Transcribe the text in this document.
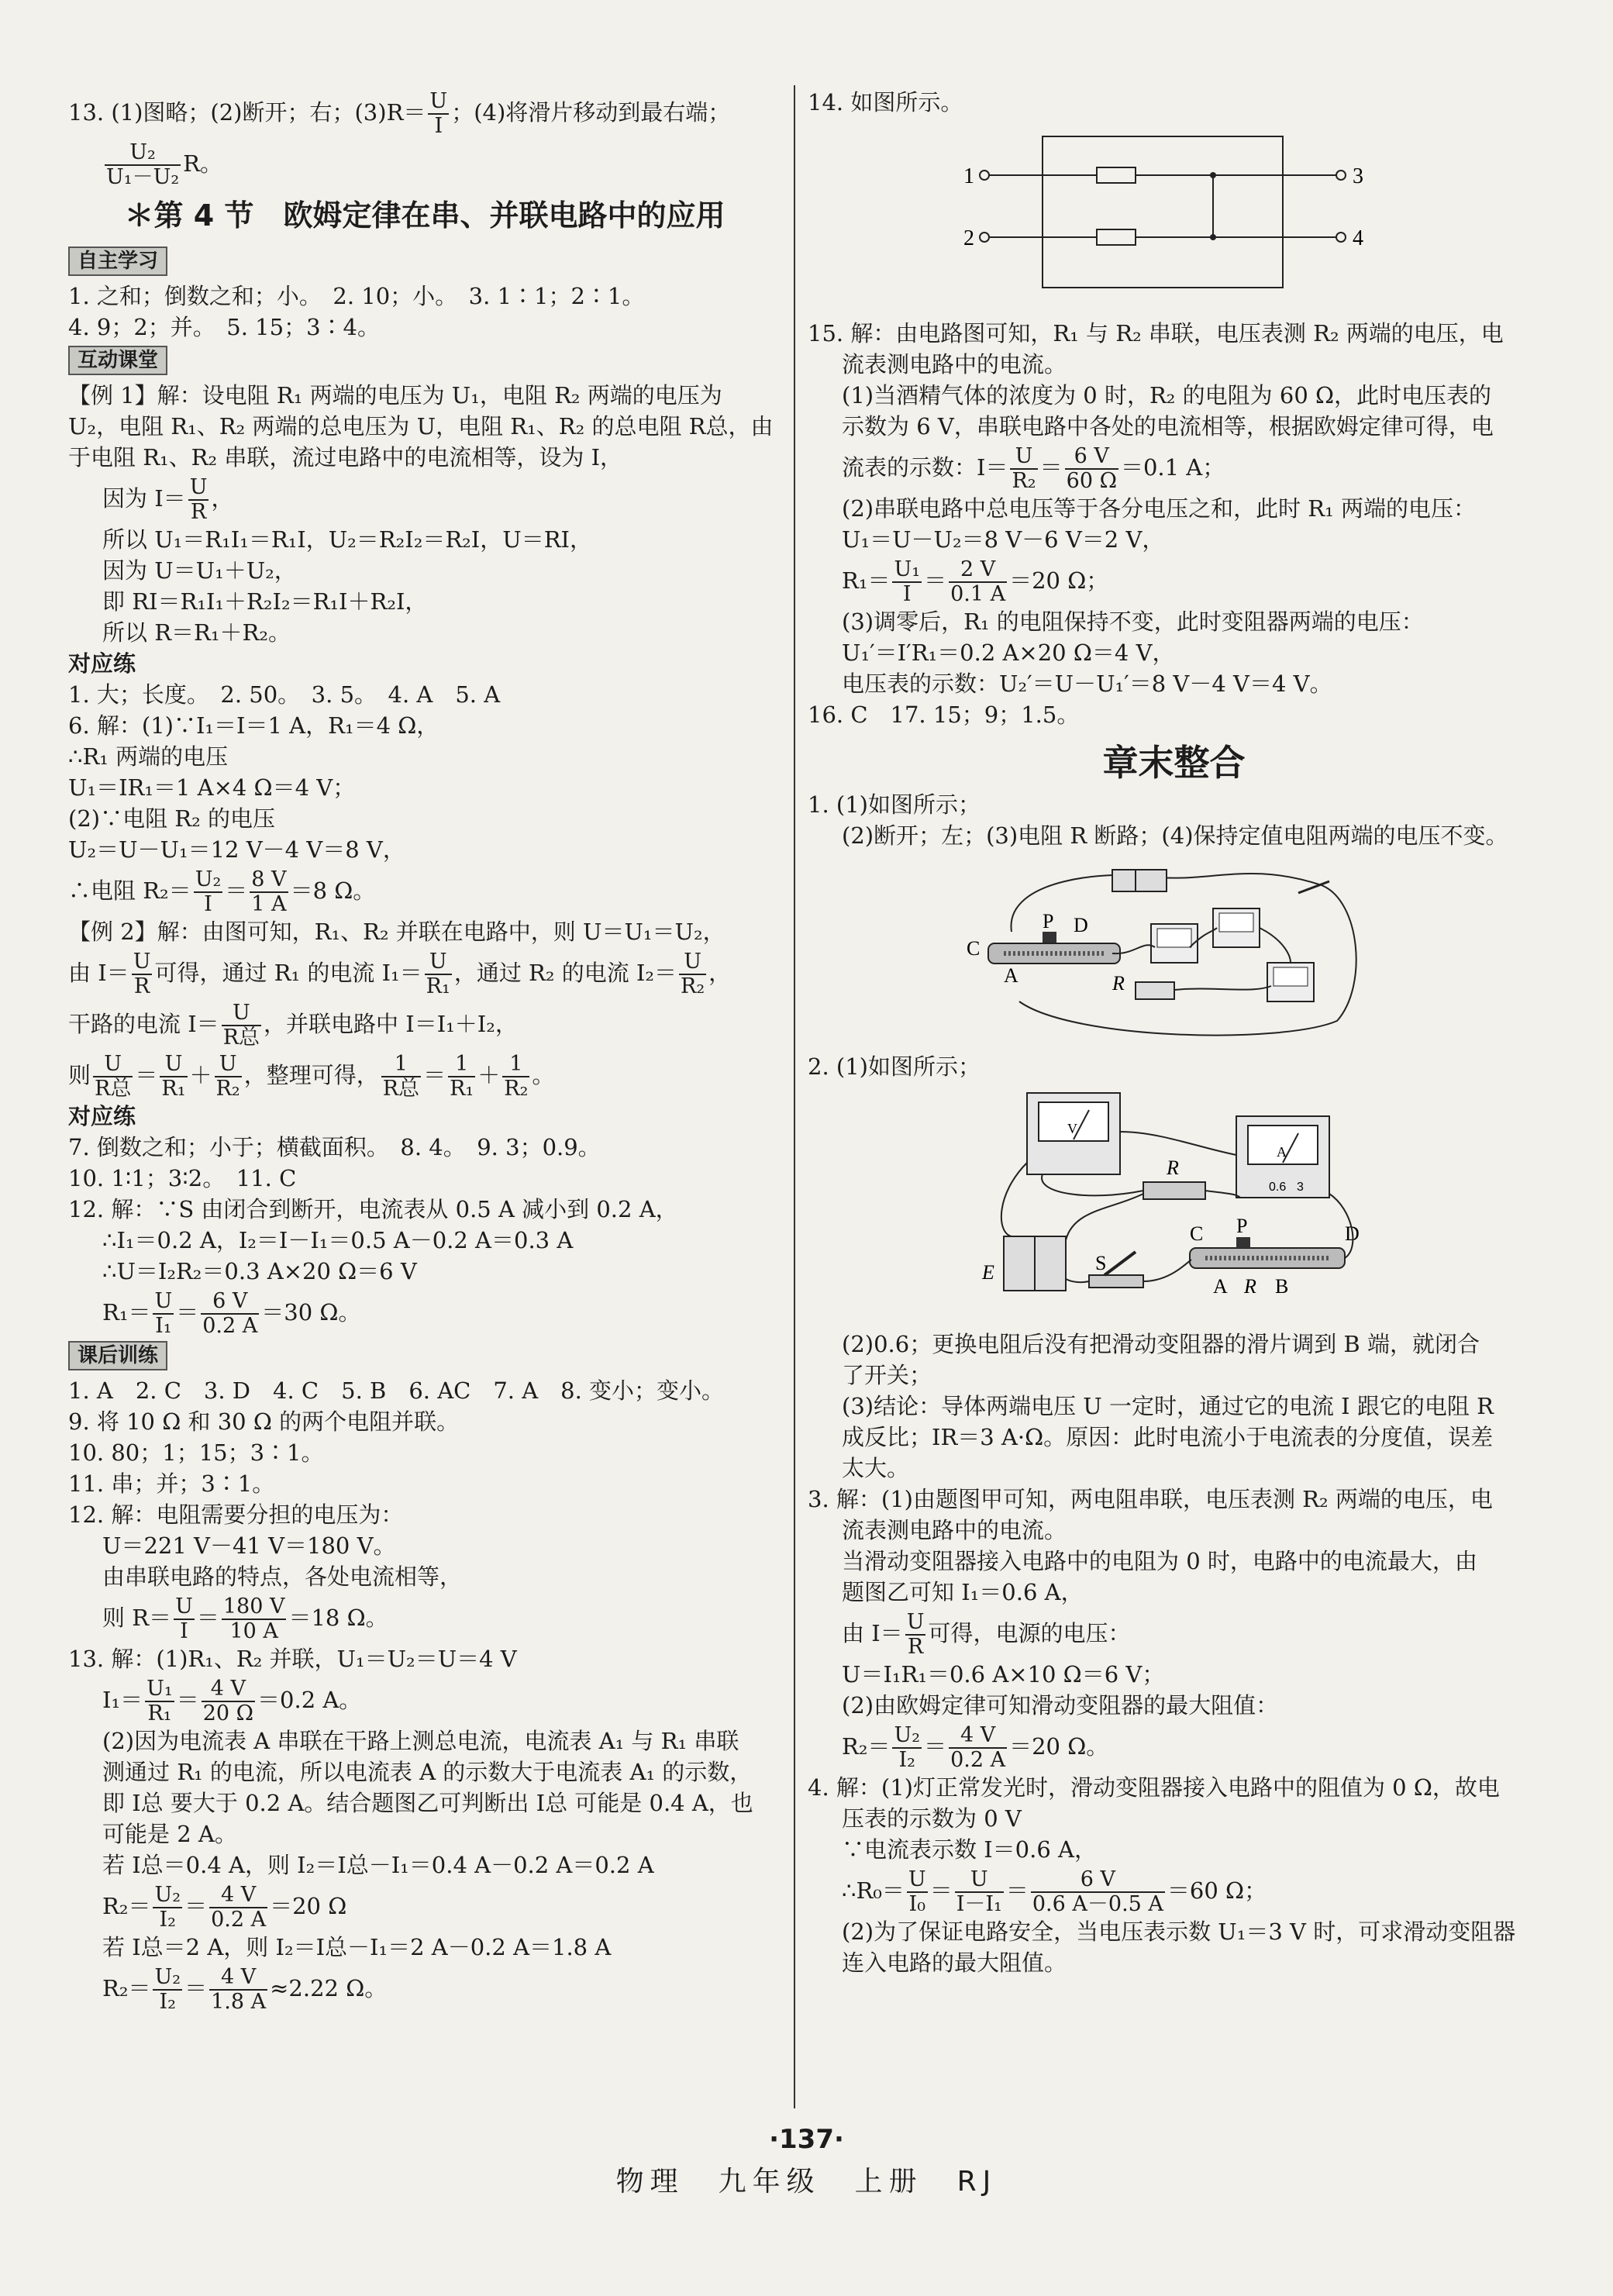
13. (1)图略；(2)断开；右；$(3)R= \frac{U}{I}$ ；(4)将滑片移动到最右端；
$\frac{\text{U₂}}{\text{U₁－U₂}}$ R。
＊第 4 节　欧姆定律在串、并联电路中的应用
自主学习
1. 之和；倒数之和；小。　2. 10；小。　3. 1∶1；2∶1。
4. 9；2；并。　5. 15；3∶4。
互动课堂
【例 1】解：设电阻 R₁ 两端的电压为 U₁，电阻 R₂ 两端的电压为
U₂，电阻 R₁、R₂ 两端的总电压为 U，电阻 R₁、R₂ 的总电阻 R总，由
于电阻 R₁、R₂ 串联，流过电路中的电流相等，设为 I，
因为 $I= \frac{U}{R}$ ，
所以 U₁＝R₁I₁＝R₁I，U₂＝R₂I₂＝R₂I，U＝RI，
因为 U＝U₁＋U₂，
即 RI＝R₁I₁＋R₂I₂＝R₁I＋R₂I，
所以 R＝R₁＋R₂。
对应练
1. 大；长度。　2. 50。　3. 5。　4. A　5. A
6. 解：(1)∵I₁＝I＝1 A，R₁＝4 Ω，
∴R₁ 两端的电压
U₁＝IR₁＝1 A×4 Ω＝4 V；
(2)∵电阻 R₂ 的电压
U₂＝U－U₁＝12 V－4 V＝8 V，
∴电阻 $R_2= \frac{\text{U₂}}{I} = \frac{8 V}{1 A} =8$ Ω。
【例 2】解：由图可知，R₁、R₂ 并联在电路中，则 U＝U₁＝U₂，
由 $I= \frac{U}{R}$ 可得，通过 R₁ 的电流 $I_1= \frac{U}{\text{R₁}}$ ，通过 R₂ 的电流 $I_2= \frac{U}{\text{R₂}}$ ，
干路的电流 $I= \frac{U}{\text{R总}}$ ，并联电路中 I＝I₁＋I₂，
则 $\frac{U}{\text{R总}} = \frac{U}{\text{R₁}} + \frac{U}{\text{R₂}}$ ，整理可得， $\frac{1}{\text{R总}} = \frac{1}{\text{R₁}} + \frac{1}{\text{R₂}}$ 。
对应练
7. 倒数之和；小于；横截面积。　8. 4。　9. 3；0.9。
10. 1∶1；3∶2。　11. C
12. 解：∵S 由闭合到断开，电流表从 0.5 A 减小到 0.2 A，
∴I₁＝0.2 A，I₂＝I－I₁＝0.5 A－0.2 A＝0.3 A
∴U＝I₂R₂＝0.3 A×20 Ω＝6 V
$R_1= \frac{U}{\text{I₁}} = \frac{6 V}{0.2 A} =30$ Ω。
课后训练
1. A　2. C　3. D　4. C　5. B　6. AC　7. A　8. 变小；变小。
9. 将 10 Ω 和 30 Ω 的两个电阻并联。
10. 80；1；15；3∶1。
11. 串；并；3∶1。
12. 解：电阻需要分担的电压为：
U＝221 V－41 V＝180 V。
由串联电路的特点，各处电流相等，
则 $R= \frac{U}{I} = \frac{180 V}{10 A} =18$ Ω。
13. 解：(1)R₁、R₂ 并联，U₁＝U₂＝U＝4 V
$I_1= \frac{\text{U₁}}{\text{R₁}} = \frac{4 V}{20 \Omega} =0.2$ A。
(2)因为电流表 A 串联在干路上测总电流，电流表 A₁ 与 R₁ 串联
测通过 R₁ 的电流，所以电流表 A 的示数大于电流表 A₁ 的示数，
即 I总 要大于 0.2 A。结合题图乙可判断出 I总 可能是 0.4 A，也
可能是 2 A。
若 I总＝0.4 A，则 I₂＝I总－I₁＝0.4 A－0.2 A＝0.2 A
$R_2= \frac{\text{U₂}}{\text{I₂}} = \frac{4 V}{0.2 A} =20$ Ω
若 I总＝2 A，则 I₂＝I总－I₁＝2 A－0.2 A＝1.8 A
$R_2= \frac{\text{U₂}}{\text{I₂}} = \frac{4 V}{1.8 A} \approx 2.22$ Ω。
14. 如图所示。
1
2
3
4
15. 解：由电路图可知，R₁ 与 R₂ 串联，电压表测 R₂ 两端的电压，电
流表测电路中的电流。
(1)当酒精气体的浓度为 0 时，R₂ 的电阻为 60 Ω，此时电压表的
示数为 6 V，串联电路中各处的电流相等，根据欧姆定律可得，电
流表的示数：$I= \frac{U}{\text{R₂}} = \frac{6 V}{60 \Omega} =0.1$ A；
(2)串联电路中总电压等于各分电压之和，此时 R₁ 两端的电压：
U₁＝U－U₂＝8 V－6 V＝2 V，
$R_1= \frac{\text{U₁}}{I} = \frac{2 V}{0.1 A} =20$ Ω；
(3)调零后，R₁ 的电阻保持不变，此时变阻器两端的电压：
U₁′＝I′R₁＝0.2 A×20 Ω＝4 V，
电压表的示数：U₂′＝U－U₁′＝8 V－4 V＝4 V。
16. C　17. 15；9；1.5。
章末整合
1. (1)如图所示；
(2)断开；左；(3)电阻 R 断路；(4)保持定值电阻两端的电压不变。
P D
C
A	R
2. (1)如图所示；
V
A
0.6 3
R
E	S
C P	D
A R B
(2)0.6；更换电阻后没有把滑动变阻器的滑片调到 B 端，就闭合
了开关；
(3)结论：导体两端电压 U 一定时，通过它的电流 I 跟它的电阻 R
成反比；IR＝3 A·Ω。原因：此时电流小于电流表的分度值，误差
太大。
3. 解：(1)由题图甲可知，两电阻串联，电压表测 R₂ 两端的电压，电
流表测电路中的电流。
当滑动变阻器接入电路中的电阻为 0 时，电路中的电流最大，由
题图乙可知 I₁＝0.6 A，
由 $I= \frac{U}{R}$ 可得，电源的电压：
U＝I₁R₁＝0.6 A×10 Ω＝6 V；
(2)由欧姆定律可知滑动变阻器的最大阻值：
$R_2= \frac{\text{U₂}}{\text{I₂}} = \frac{4 V}{0.2 A} =20$ Ω。
4. 解：(1)灯正常发光时，滑动变阻器接入电路中的阻值为 0 Ω，故电
压表的示数为 0 V
∵电流表示数 I＝0.6 A，
∴R₀＝ $\frac{U}{\text{I₀}} = \frac{U}{\text{I－I₁}} = \frac{6 V}{0.6 A-0.5 A} =60$ Ω；
(2)为了保证电路安全，当电压表示数 U₁＝3 V 时，可求滑动变阻器
连入电路的最大阻值。
·137·
物理　九年级　上册　RJ
